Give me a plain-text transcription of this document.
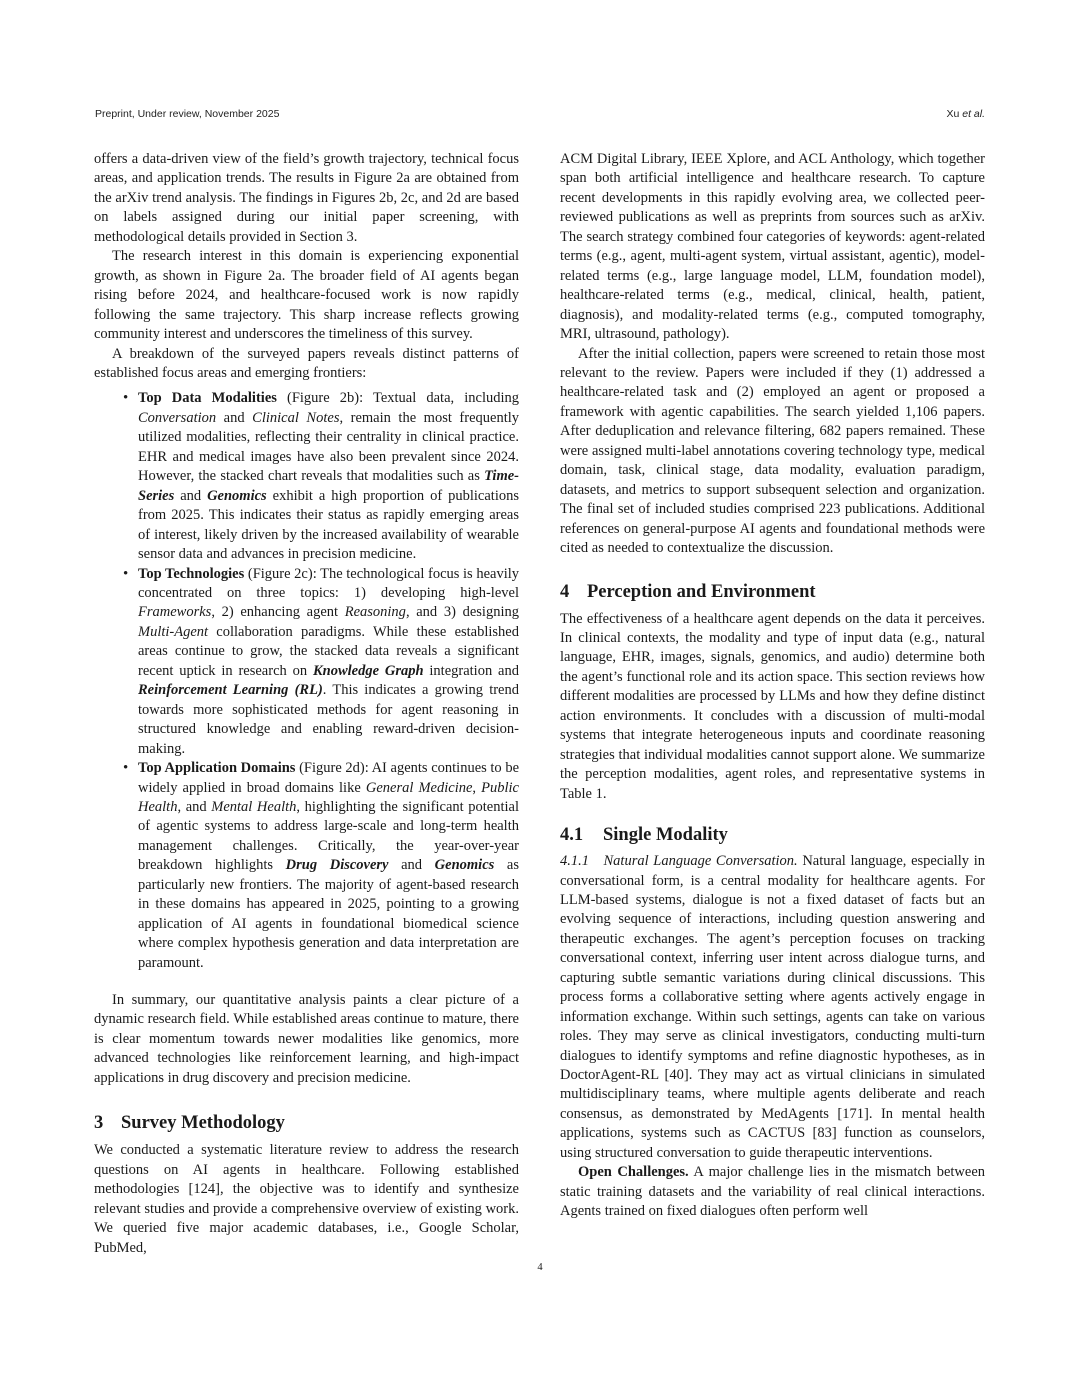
Preprint, Under review, November 2025	Xu et al.

offers a data-driven view of the field’s growth trajectory, technical focus areas, and application trends. The results in Figure 2a are obtained from the arXiv trend analysis. The findings in Figures 2b, 2c, and 2d are based on labels assigned during our initial paper screening, with methodological details provided in Section 3.

The research interest in this domain is experiencing exponential growth, as shown in Figure 2a. The broader field of AI agents began rising before 2024, and healthcare-focused work is now rapidly following the same trajectory. This sharp increase reflects growing community interest and underscores the timeliness of this survey.

A breakdown of the surveyed papers reveals distinct patterns of established focus areas and emerging frontiers:

• Top Data Modalities (Figure 2b): Textual data, including Conversation and Clinical Notes, remain the most frequently utilized modalities, reflecting their centrality in clinical practice. EHR and medical images have also been prevalent since 2024. However, the stacked chart reveals that modalities such as Time-Series and Genomics exhibit a high proportion of publications from 2025. This indicates their status as rapidly emerging areas of interest, likely driven by the increased availability of wearable sensor data and advances in precision medicine.
• Top Technologies (Figure 2c): The technological focus is heavily concentrated on three topics: 1) developing high-level Frameworks, 2) enhancing agent Reasoning, and 3) designing Multi-Agent collaboration paradigms. While these established areas continue to grow, the stacked data reveals a significant recent uptick in research on Knowledge Graph integration and Reinforcement Learning (RL). This indicates a growing trend towards more sophisticated methods for agent reasoning in structured knowledge and enabling reward-driven decision-making.
• Top Application Domains (Figure 2d): AI agents continues to be widely applied in broad domains like General Medicine, Public Health, and Mental Health, highlighting the significant potential of agentic systems to address large-scale and long-term health management challenges. Critically, the year-over-year breakdown highlights Drug Discovery and Genomics as particularly new frontiers. The majority of agent-based research in these domains has appeared in 2025, pointing to a growing application of AI agents in foundational biomedical science where complex hypothesis generation and data interpretation are paramount.

In summary, our quantitative analysis paints a clear picture of a dynamic research field. While established areas continue to mature, there is clear momentum towards newer modalities like genomics, more advanced technologies like reinforcement learning, and high-impact applications in drug discovery and precision medicine.

3 Survey Methodology

We conducted a systematic literature review to address the research questions on AI agents in healthcare. Following established methodologies [124], the objective was to identify and synthesize relevant studies and provide a comprehensive overview of existing work. We queried five major academic databases, i.e., Google Scholar, PubMed,

ACM Digital Library, IEEE Xplore, and ACL Anthology, which together span both artificial intelligence and healthcare research. To capture recent developments in this rapidly evolving area, we collected peer-reviewed publications as well as preprints from sources such as arXiv. The search strategy combined four categories of keywords: agent-related terms (e.g., agent, multi-agent system, virtual assistant, agentic), model-related terms (e.g., large language model, LLM, foundation model), healthcare-related terms (e.g., medical, clinical, health, patient, diagnosis), and modality-related terms (e.g., computed tomography, MRI, ultrasound, pathology).

After the initial collection, papers were screened to retain those most relevant to the review. Papers were included if they (1) addressed a healthcare-related task and (2) employed an agent or proposed a framework with agentic capabilities. The search yielded 1,106 papers. After deduplication and relevance filtering, 682 papers remained. These were assigned multi-label annotations covering technology type, medical domain, task, clinical stage, data modality, evaluation paradigm, datasets, and metrics to support subsequent selection and organization. The final set of included studies comprised 223 publications. Additional references on general-purpose AI agents and foundational methods were cited as needed to contextualize the discussion.

4 Perception and Environment

The effectiveness of a healthcare agent depends on the data it perceives. In clinical contexts, the modality and type of input data (e.g., natural language, EHR, images, signals, genomics, and audio) determine both the agent’s functional role and its action space. This section reviews how different modalities are processed by LLMs and how they define distinct action environments. It concludes with a discussion of multi-modal systems that integrate heterogeneous inputs and coordinate reasoning strategies that individual modalities cannot support alone. We summarize the perception modalities, agent roles, and representative systems in Table 1.

4.1 Single Modality

4.1.1  Natural Language Conversation. Natural language, especially in conversational form, is a central modality for healthcare agents. For LLM-based systems, dialogue is not a fixed dataset of facts but an evolving sequence of interactions, including question answering and therapeutic exchanges. The agent’s perception focuses on tracking conversational context, inferring user intent across dialogue turns, and capturing subtle semantic variations during clinical discussions. This process forms a collaborative setting where agents actively engage in information exchange. Within such settings, agents can take on various roles. They may serve as clinical investigators, conducting multi-turn dialogues to identify symptoms and refine diagnostic hypotheses, as in DoctorAgent-RL [40]. They may act as virtual clinicians in simulated multidisciplinary teams, where multiple agents deliberate and reach consensus, as demonstrated by MedAgents [171]. In mental health applications, systems such as CACTUS [83] function as counselors, using structured conversation to guide therapeutic interventions.

Open Challenges. A major challenge lies in the mismatch between static training datasets and the variability of real clinical interactions. Agents trained on fixed dialogues often perform well

4
